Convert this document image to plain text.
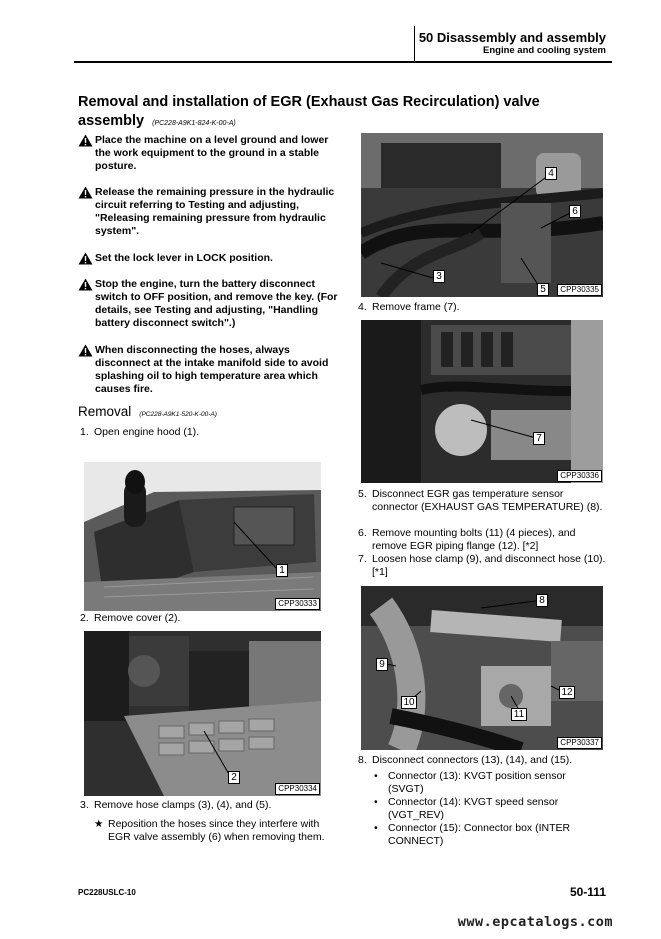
50 Disassembly and assembly
Engine and cooling system
Removal and installation of EGR (Exhaust Gas Recirculation) valve
assembly (PC228-A9K1-824-K-00-A)
Place the machine on a level ground and lower the work equipment to the ground in a stable posture.
Release the remaining pressure in the hydraulic circuit referring to Testing and adjusting, "Releasing remaining pressure from hydraulic system".
Set the lock lever in LOCK position.
Stop the engine, turn the battery disconnect switch to OFF position, and remove the key. (For details, see Testing and adjusting, "Handling battery disconnect switch".)
When disconnecting the hoses, always disconnect at the intake manifold side to avoid splashing oil to high temperature area which causes fire.
Removal (PC228-A9K1-520-K-00-A)
1. Open engine hood (1).
1
CPP30333
2. Remove cover (2).
2
CPP30334
3. Remove hose clamps (3), (4), and (5).
★ Reposition the hoses since they interfere with EGR valve assembly (6) when removing them.
4
6
3
5	CPP30335
4. Remove frame (7).
7
CPP30336
5. Disconnect EGR gas temperature sensor connector (EXHAUST GAS TEMPERATURE) (8).
6. Remove mounting bolts (11) (4 pieces), and remove EGR piping flange (12). [*2]
7. Loosen hose clamp (9), and disconnect hose (10). [*1]
8
9
10
11
12
CPP30337
8. Disconnect connectors (13), (14), and (15).
• Connector (13): KVGT position sensor (SVGT)
• Connector (14): KVGT speed sensor (VGT_REV)
• Connector (15): Connector box (INTER CONNECT)
PC228USLC-10	50-111
www.epcatalogs.com
